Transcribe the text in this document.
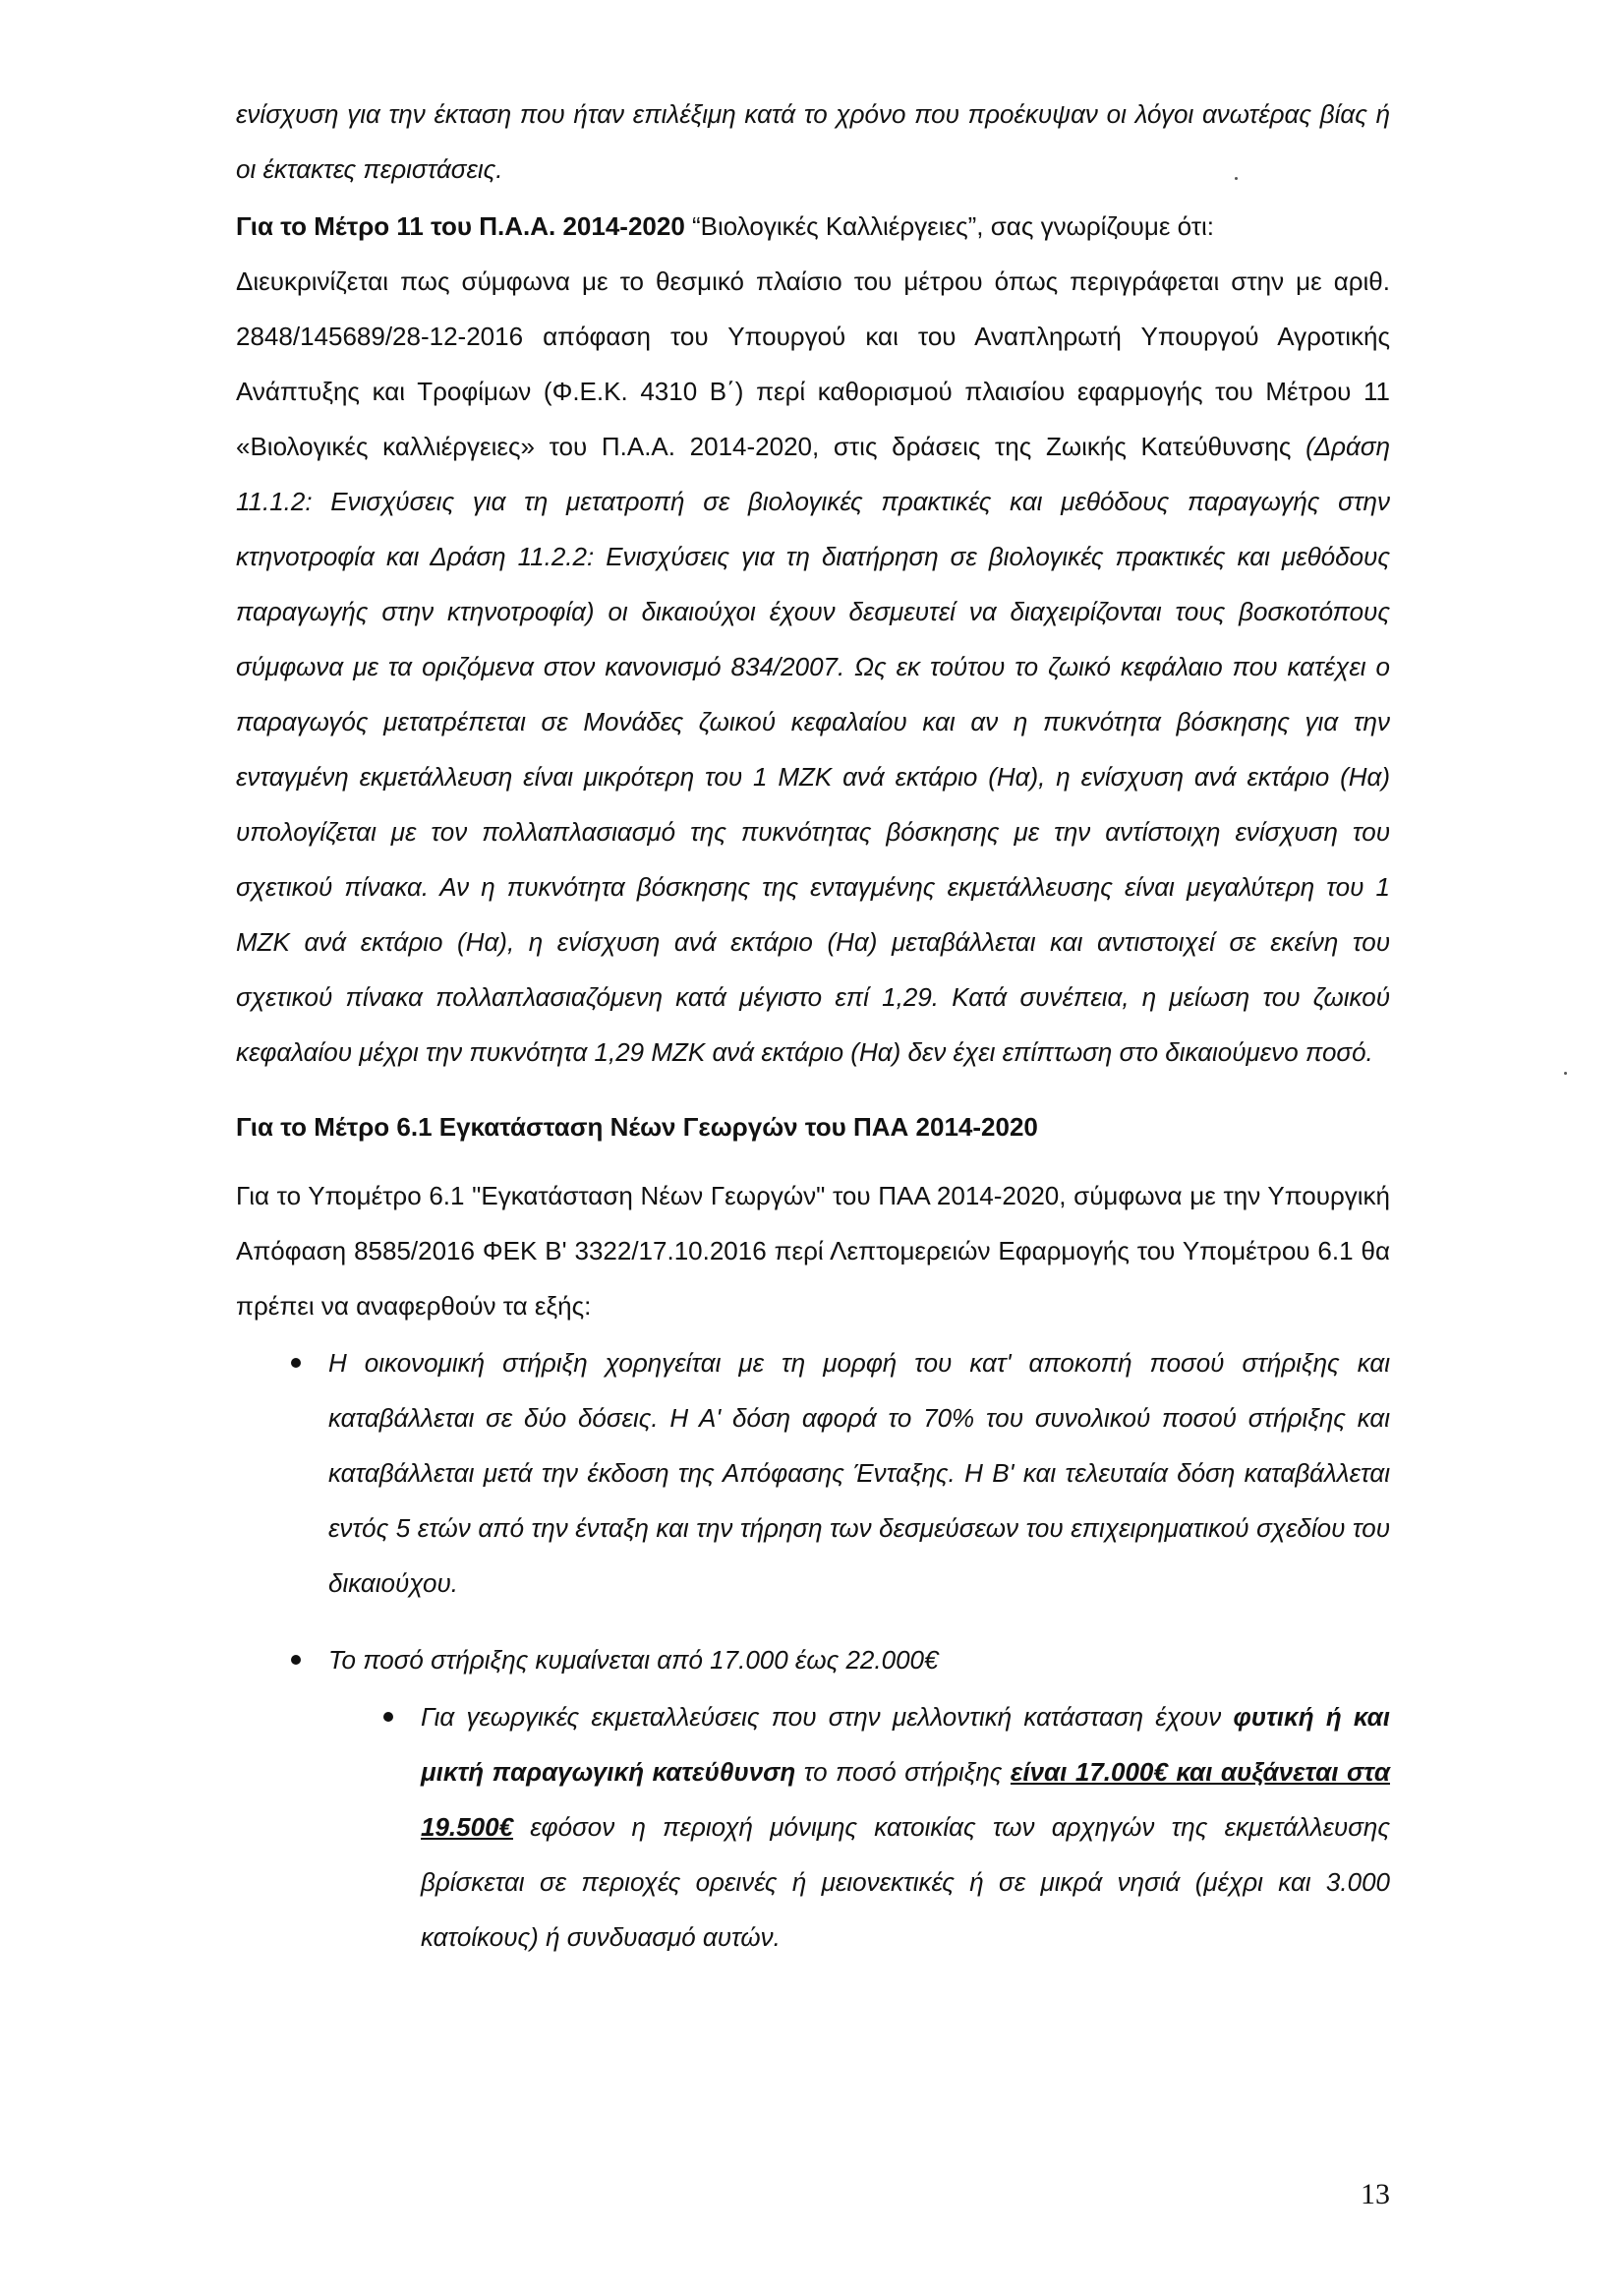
ενίσχυση για την έκταση που ήταν επιλέξιμη κατά το χρόνο που προέκυψαν οι λόγοι ανωτέρας βίας ή οι έκτακτες περιστάσεις.

Για το Μέτρο 11 του Π.Α.Α. 2014-2020 “Βιολογικές Καλλιέργειες”, σας γνωρίζουμε ότι:

Διευκρινίζεται πως σύμφωνα με το θεσμικό πλαίσιο του μέτρου όπως περιγράφεται στην με αριθ. 2848/145689/28-12-2016 απόφαση του Υπουργού και του Αναπληρωτή Υπουργού Αγροτικής Ανάπτυξης και Τροφίμων (Φ.Ε.Κ. 4310 Β΄) περί καθορισμού πλαισίου εφαρμογής του Μέτρου 11 «Βιολογικές καλλιέργειες» του Π.Α.Α. 2014-2020, στις δράσεις της Ζωικής Κατεύθυνσης (Δράση 11.1.2: Ενισχύσεις για τη μετατροπή σε βιολογικές πρακτικές και μεθόδους παραγωγής στην κτηνοτροφία και Δράση 11.2.2: Ενισχύσεις για τη διατήρηση σε βιολογικές πρακτικές και μεθόδους παραγωγής στην κτηνοτροφία) οι δικαιούχοι έχουν δεσμευτεί να διαχειρίζονται τους βοσκοτόπους σύμφωνα με τα οριζόμενα στον κανονισμό 834/2007. Ως εκ τούτου το ζωικό κεφάλαιο που κατέχει ο παραγωγός μετατρέπεται σε Μονάδες ζωικού κεφαλαίου και αν η πυκνότητα βόσκησης για την ενταγμένη εκμετάλλευση είναι μικρότερη του 1 ΜΖΚ ανά εκτάριο (Ηα), η ενίσχυση ανά εκτάριο (Ηα) υπολογίζεται με τον πολλαπλασιασμό της πυκνότητας βόσκησης με την αντίστοιχη ενίσχυση του σχετικού πίνακα. Αν η πυκνότητα βόσκησης της ενταγμένης εκμετάλλευσης είναι μεγαλύτερη του 1 ΜΖΚ ανά εκτάριο (Ηα), η ενίσχυση ανά εκτάριο (Ηα) μεταβάλλεται και αντιστοιχεί σε εκείνη του σχετικού πίνακα πολλαπλασιαζόμενη κατά μέγιστο επί 1,29. Κατά συνέπεια, η μείωση του ζωικού κεφαλαίου μέχρι την πυκνότητα 1,29 ΜΖΚ ανά εκτάριο (Ηα) δεν έχει επίπτωση στο δικαιούμενο ποσό.

Για το Μέτρο 6.1 Εγκατάσταση Νέων Γεωργών του ΠΑΑ 2014-2020

Για το Υπομέτρο 6.1 "Εγκατάσταση Νέων Γεωργών" του ΠΑΑ 2014-2020, σύμφωνα με την Υπουργική Απόφαση 8585/2016 ΦΕΚ Β' 3322/17.10.2016 περί Λεπτομερειών Εφαρμογής του Υπομέτρου 6.1 θα πρέπει να αναφερθούν τα εξής:

Η οικονομική στήριξη χορηγείται με τη μορφή του κατ' αποκοπή ποσού στήριξης και καταβάλλεται σε δύο δόσεις. Η Α' δόση αφορά το 70% του συνολικού ποσού στήριξης και καταβάλλεται μετά την έκδοση της Απόφασης Ένταξης. Η Β' και τελευταία δόση καταβάλλεται εντός 5 ετών από την ένταξη και την τήρηση των δεσμεύσεων του επιχειρηματικού σχεδίου του δικαιούχου.

Το ποσό στήριξης κυμαίνεται από 17.000 έως 22.000€

Για γεωργικές εκμεταλλεύσεις που στην μελλοντική κατάσταση έχουν φυτική ή και μικτή παραγωγική κατεύθυνση το ποσό στήριξης είναι 17.000€ και αυξάνεται στα 19.500€ εφόσον η περιοχή μόνιμης κατοικίας των αρχηγών της εκμετάλλευσης βρίσκεται σε περιοχές ορεινές ή μειονεκτικές ή σε μικρά νησιά (μέχρι και 3.000 κατοίκους) ή συνδυασμό αυτών.

13
